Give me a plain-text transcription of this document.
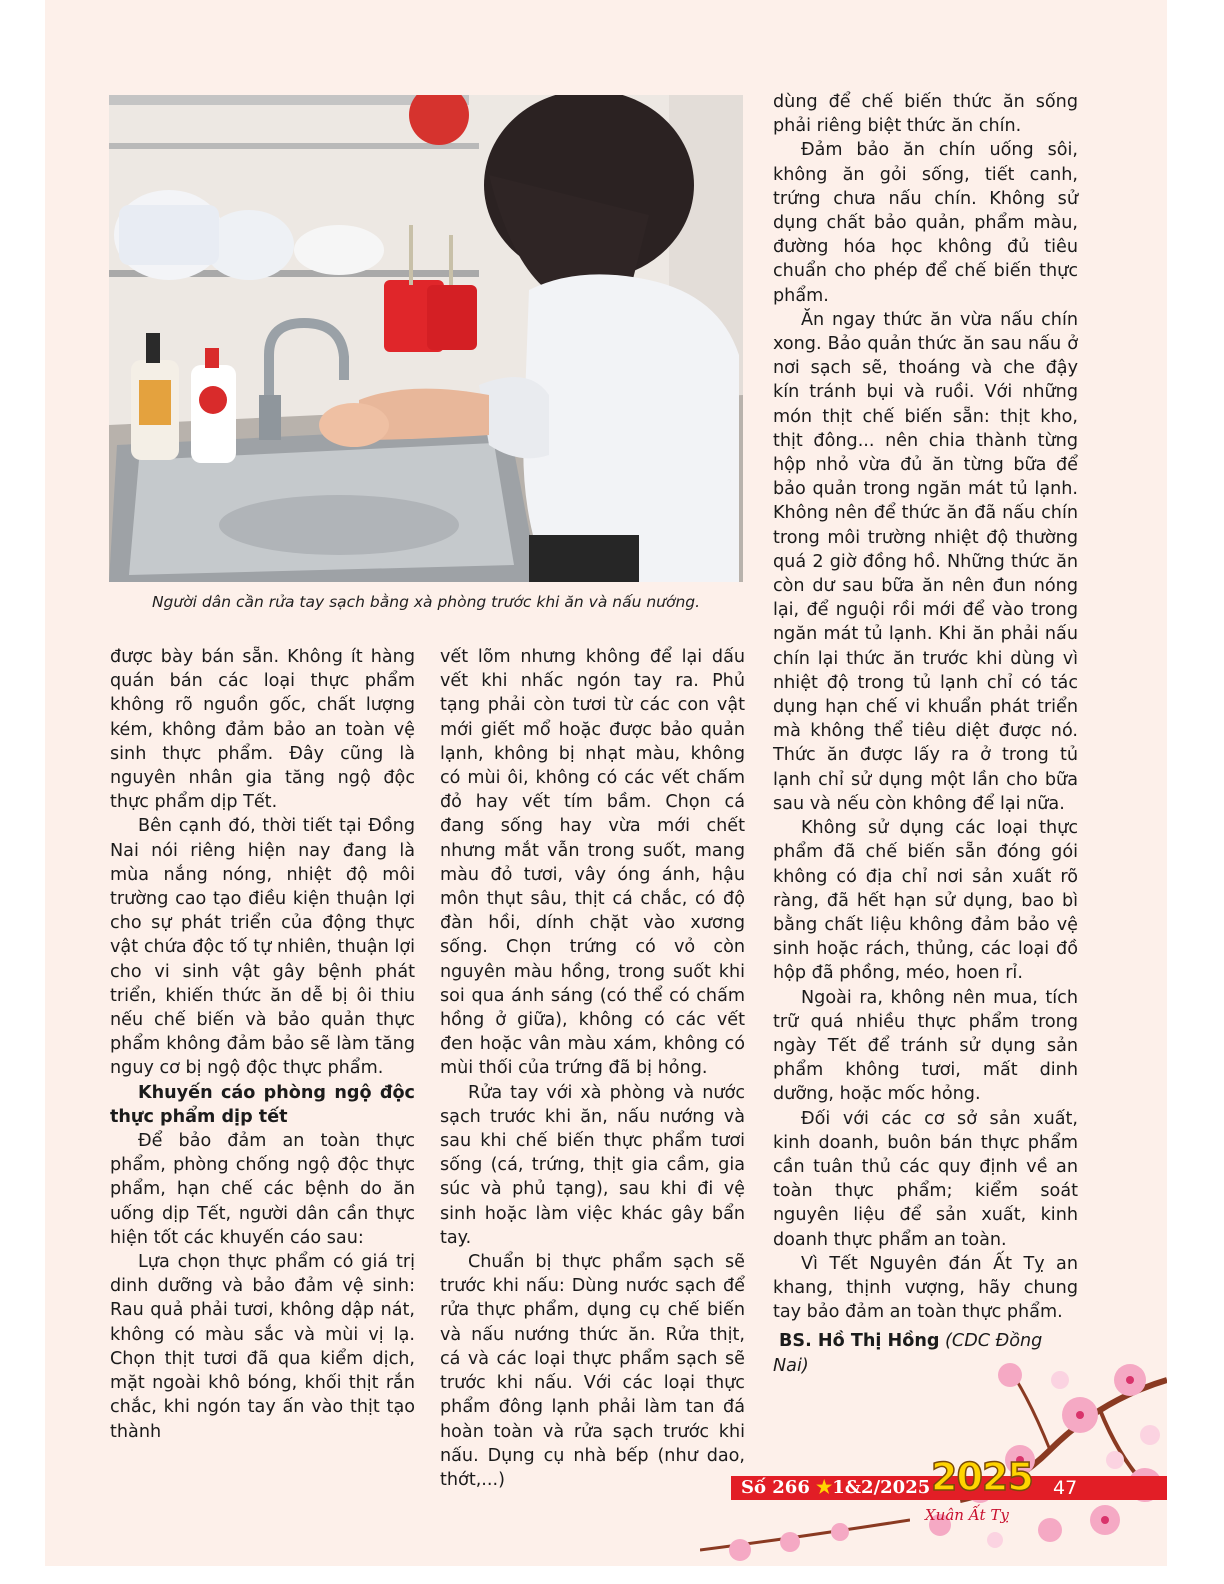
Người dân cần rửa tay sạch bằng xà phòng trước khi ăn và nấu nướng.

được bày bán sẵn. Không ít hàng quán bán các loại thực phẩm không rõ nguồn gốc, chất lượng kém, không đảm bảo an toàn vệ sinh thực phẩm. Đây cũng là nguyên nhân gia tăng ngộ độc thực phẩm dịp Tết.

Bên cạnh đó, thời tiết tại Đồng Nai nói riêng hiện nay đang là mùa nắng nóng, nhiệt độ môi trường cao tạo điều kiện thuận lợi cho sự phát triển của động thực vật chứa độc tố tự nhiên, thuận lợi cho vi sinh vật gây bệnh phát triển, khiến thức ăn dễ bị ôi thiu nếu chế biến và bảo quản thực phẩm không đảm bảo sẽ làm tăng nguy cơ bị ngộ độc thực phẩm.

Khuyến cáo phòng ngộ độc thực phẩm dịp tết

Để bảo đảm an toàn thực phẩm, phòng chống ngộ độc thực phẩm, hạn chế các bệnh do ăn uống dịp Tết, người dân cần thực hiện tốt các khuyến cáo sau:

Lựa chọn thực phẩm có giá trị dinh dưỡng và bảo đảm vệ sinh: Rau quả phải tươi, không dập nát, không có màu sắc và mùi vị lạ. Chọn thịt tươi đã qua kiểm dịch, mặt ngoài khô bóng, khối thịt rắn chắc, khi ngón tay ấn vào thịt tạo thành

vết lõm nhưng không để lại dấu vết khi nhấc ngón tay ra. Phủ tạng phải còn tươi từ các con vật mới giết mổ hoặc được bảo quản lạnh, không bị nhạt màu, không có mùi ôi, không có các vết chấm đỏ hay vết tím bầm. Chọn cá đang sống hay vừa mới chết nhưng mắt vẫn trong suốt, mang màu đỏ tươi, vây óng ánh, hậu môn thụt sâu, thịt cá chắc, có độ đàn hồi, dính chặt vào xương sống. Chọn trứng có vỏ còn nguyên màu hồng, trong suốt khi soi qua ánh sáng (có thể có chấm hồng ở giữa), không có các vết đen hoặc vân màu xám, không có mùi thối của trứng đã bị hỏng.

Rửa tay với xà phòng và nước sạch trước khi ăn, nấu nướng và sau khi chế biến thực phẩm tươi sống (cá, trứng, thịt gia cầm, gia súc và phủ tạng), sau khi đi vệ sinh hoặc làm việc khác gây bẩn tay.

Chuẩn bị thực phẩm sạch sẽ trước khi nấu: Dùng nước sạch để rửa thực phẩm, dụng cụ chế biến và nấu nướng thức ăn. Rửa thịt, cá và các loại thực phẩm sạch sẽ trước khi nấu. Với các loại thực phẩm đông lạnh phải làm tan đá hoàn toàn và rửa sạch trước khi nấu. Dụng cụ nhà bếp (như dao, thớt,...)

dùng để chế biến thức ăn sống phải riêng biệt thức ăn chín.

Đảm bảo ăn chín uống sôi, không ăn gỏi sống, tiết canh, trứng chưa nấu chín. Không sử dụng chất bảo quản, phẩm màu, đường hóa học không đủ tiêu chuẩn cho phép để chế biến thực phẩm.

Ăn ngay thức ăn vừa nấu chín xong. Bảo quản thức ăn sau nấu ở nơi sạch sẽ, thoáng và che đậy kín tránh bụi và ruồi. Với những món thịt chế biến sẵn: thịt kho, thịt đông... nên chia thành từng hộp nhỏ vừa đủ ăn từng bữa để bảo quản trong ngăn mát tủ lạnh. Không nên để thức ăn đã nấu chín trong môi trường nhiệt độ thường quá 2 giờ đồng hồ. Những thức ăn còn dư sau bữa ăn nên đun nóng lại, để nguội rồi mới để vào trong ngăn mát tủ lạnh. Khi ăn phải nấu chín lại thức ăn trước khi dùng vì nhiệt độ trong tủ lạnh chỉ có tác dụng hạn chế vi khuẩn phát triển mà không thể tiêu diệt được nó. Thức ăn được lấy ra ở trong tủ lạnh chỉ sử dụng một lần cho bữa sau và nếu còn không để lại nữa.

Không sử dụng các loại thực phẩm đã chế biến sẵn đóng gói không có địa chỉ nơi sản xuất rõ ràng, đã hết hạn sử dụng, bao bì bằng chất liệu không đảm bảo vệ sinh hoặc rách, thủng, các loại đồ hộp đã phồng, méo, hoen rỉ.

Ngoài ra, không nên mua, tích trữ quá nhiều thực phẩm trong ngày Tết để tránh sử dụng sản phẩm không tươi, mất dinh dưỡng, hoặc mốc hỏng.

Đối với các cơ sở sản xuất, kinh doanh, buôn bán thực phẩm cần tuân thủ các quy định về an toàn thực phẩm; kiểm soát nguyên liệu để sản xuất, kinh doanh thực phẩm an toàn.

Vì Tết Nguyên đán Ất Tỵ an khang, thịnh vượng, hãy chung tay bảo đảm an toàn thực phẩm.

BS. Hồ Thị Hồng (CDC Đồng Nai)

Số 266 ★1&2/2025 2025 47
Xuân Ất Tỵ
